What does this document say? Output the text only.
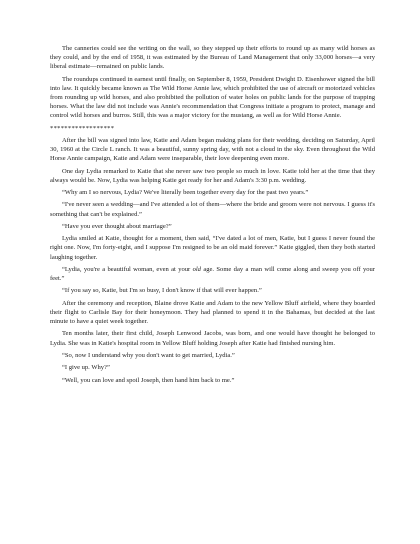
The canneries could see the writing on the wall, so they stepped up their efforts to round up as many wild horses as they could, and by the end of 1958, it was estimated by the Bureau of Land Management that only 33,000 horses—a very liberal estimate—remained on public lands.

The roundups continued in earnest until finally, on September 8, 1959, President Dwight D. Eisenhower signed the bill into law. It quickly became known as The Wild Horse Annie law, which prohibited the use of aircraft or motorized vehicles from rounding up wild horses, and also prohibited the pollution of water holes on public lands for the purpose of trapping horses. What the law did not include was Annie's recommendation that Congress initiate a program to protect, manage and control wild horses and burros. Still, this was a major victory for the mustang, as well as for Wild Horse Annie.

******************

After the bill was signed into law, Katie and Adam began making plans for their wedding, deciding on Saturday, April 30, 1960 at the Circle L ranch. It was a beautiful, sunny spring day, with not a cloud in the sky. Even throughout the Wild Horse Annie campaign, Katie and Adam were inseparable, their love deepening even more.

One day Lydia remarked to Katie that she never saw two people so much in love. Katie told her at the time that they always would be. Now, Lydia was helping Katie get ready for her and Adam's 3:30 p.m. wedding.

“Why am I so nervous, Lydia? We've literally been together every day for the past two years.”

“I've never seen a wedding—and I've attended a lot of them—where the bride and groom were not nervous. I guess it's something that can't be explained.”

“Have you ever thought about marriage?”

Lydia smiled at Katie, thought for a moment, then said, “I've dated a lot of men, Katie, but I guess I never found the right one. Now, I'm forty-eight, and I suppose I'm resigned to be an old maid forever.” Katie giggled, then they both started laughing together.

“Lydia, you're a beautiful woman, even at your old age. Some day a man will come along and sweep you off your feet.”

“If you say so, Katie, but I'm so busy, I don't know if that will ever happen.”

After the ceremony and reception, Blaine drove Katie and Adam to the new Yellow Bluff airfield, where they boarded their flight to Carlisle Bay for their honeymoon. They had planned to spend it in the Bahamas, but decided at the last minute to have a quiet week together.

Ten months later, their first child, Joseph Lenwood Jacobs, was born, and one would have thought he belonged to Lydia. She was in Katie's hospital room in Yellow Bluff holding Joseph after Katie had finished nursing him.

“So, now I understand why you don't want to get married, Lydia.”

“I give up. Why?”

“Well, you can love and spoil Joseph, then hand him back to me.”
